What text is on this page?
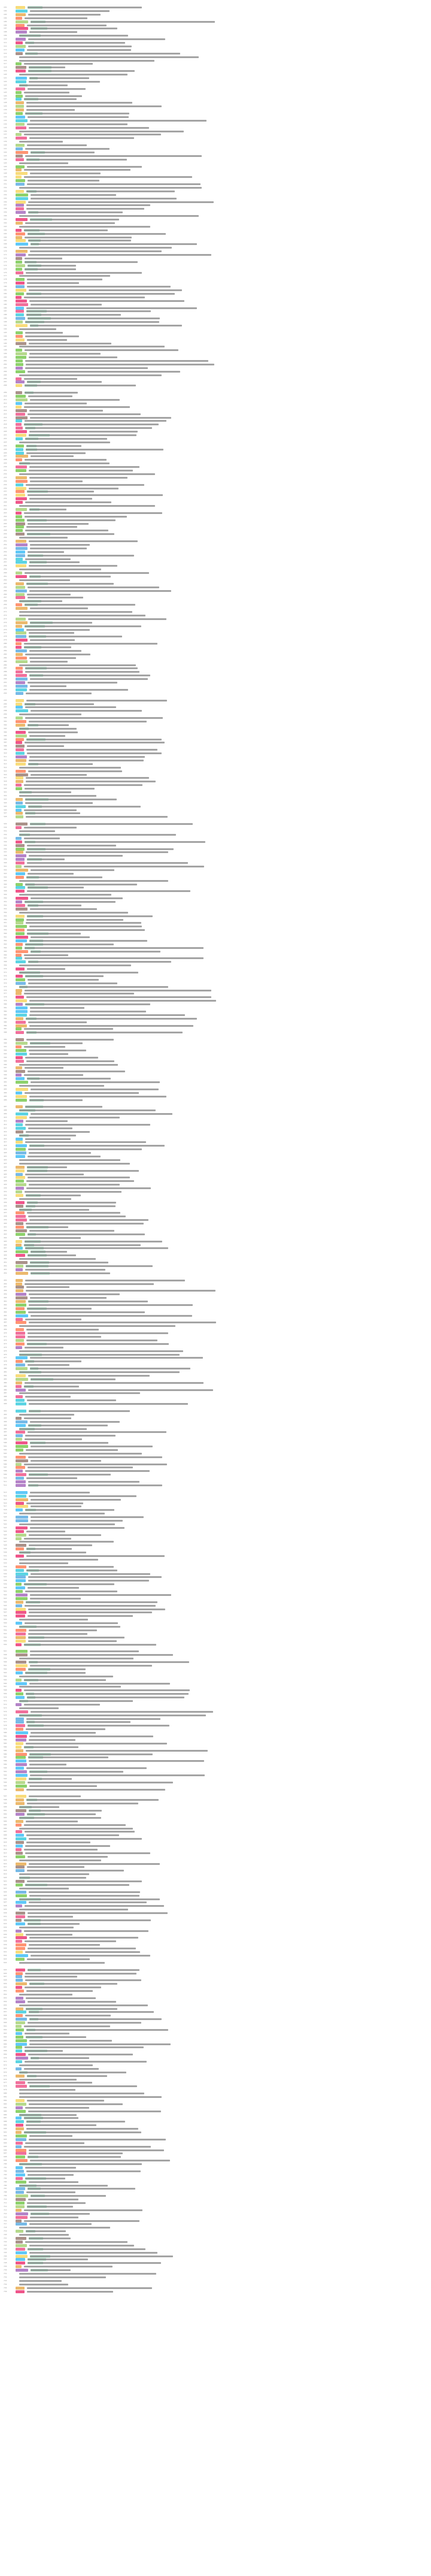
101
102
103
104
105
106
107
108
109
110
111
112
113
114
115
116
117
118
119
120
121
122
123
124
125
126
127
128
129
130
131
132
133
134
135
136
137
138
139
140
141
142
143
144
145
146
147
148
149
150
151
152
153
154
155
156
157
158
159
160
161
162
163
164
165
166
167
168
169
170
171
172
173
174
175
176
177
178
179
180
181
182
183
184
185
186
187
188
189
190
191
192
193
194
195
196
197
198
199
200
201
202
203
204
205
206
207
208
209
210
211
212
213
214
215
216
217
218
219
220
221
222
223
224
225
226
227
228
229
230
231
232
233
234
235
236
237
238
239
240
241
242
243
244
245
246
247
248
249
250
251
252
253
254
255
256
257
258
259
260
261
262
263
264
265
266
267
268
269
270
271
272
273
274
275
276
277
278
279
280
281
282
283
284
285
286
287
288
289
290
291
292
293
294
295
296
297
298
299
300
301
302
303
304
305
306
307
308
309
310
311
312
313
314
315
316
317
318
319
320
321
322
323
324
325
326
327
328
329
330
331
332
333
334
335
336
337
338
339
340
341
342
343
344
345
346
347
348
349
350
351
352
353
354
355
356
357
358
359
360
361
362
363
364
365
366
367
368
369
370
371
372
373
374
375
376
377
378
379
380
381
382
383
384
385
386
387
388
389
390
391
392
393
394
395
396
397
398
399
400
401
402
403
404
405
406
407
408
409
410
411
412
413
414
415
416
417
418
419
420
421
422
423
424
425
426
427
428
429
430
431
432
433
434
435
436
437
438
439
440
441
442
443
444
445
446
447
448
449
450
451
452
453
454
455
456
457
458
459
460
461
462
463
464
465
466
467
468
469
470
471
472
473
474
475
476
477
478
479
480
481
482
483
484
485
486
487
488
489
490
491
492
493
494
495
496
497
498
499
500
501
502
503
504
505
506
507
508
509
510
511
512
513
514
515
516
517
518
519
520
521
522
523
524
525
526
527
528
529
530
531
532
533
534
535
536
537
538
539
540
541
542
543
544
545
546
547
548
549
550
551
552
553
554
555
556
557
558
559
560
561
562
563
564
565
566
567
568
569
570
571
572
573
574
575
576
577
578
579
580
581
582
583
584
585
586
587
588
589
590
591
592
593
594
595
596
597
598
599
600
601
602
603
604
605
606
607
608
609
610
611
612
613
614
615
616
617
618
619
620
621
622
623
624
625
626
627
628
629
630
631
632
633
634
635
636
637
638
639
640
641
642
643
644
645
646
647
648
649
650
651
652
653
654
655
656
657
658
659
660
661
662
663
664
665
666
667
668
669
670
671
672
673
674
675
676
677
678
679
680
681
682
683
684
685
686
687
688
689
690
691
692
693
694
695
696
697
698
699
700
701
702
703
704
705
706
707
708
709
710
711
712
713
714
715
716
717
718
719
720
721
722
723
724
725
726
727
728
729
730
731
732
733
734
735
736
